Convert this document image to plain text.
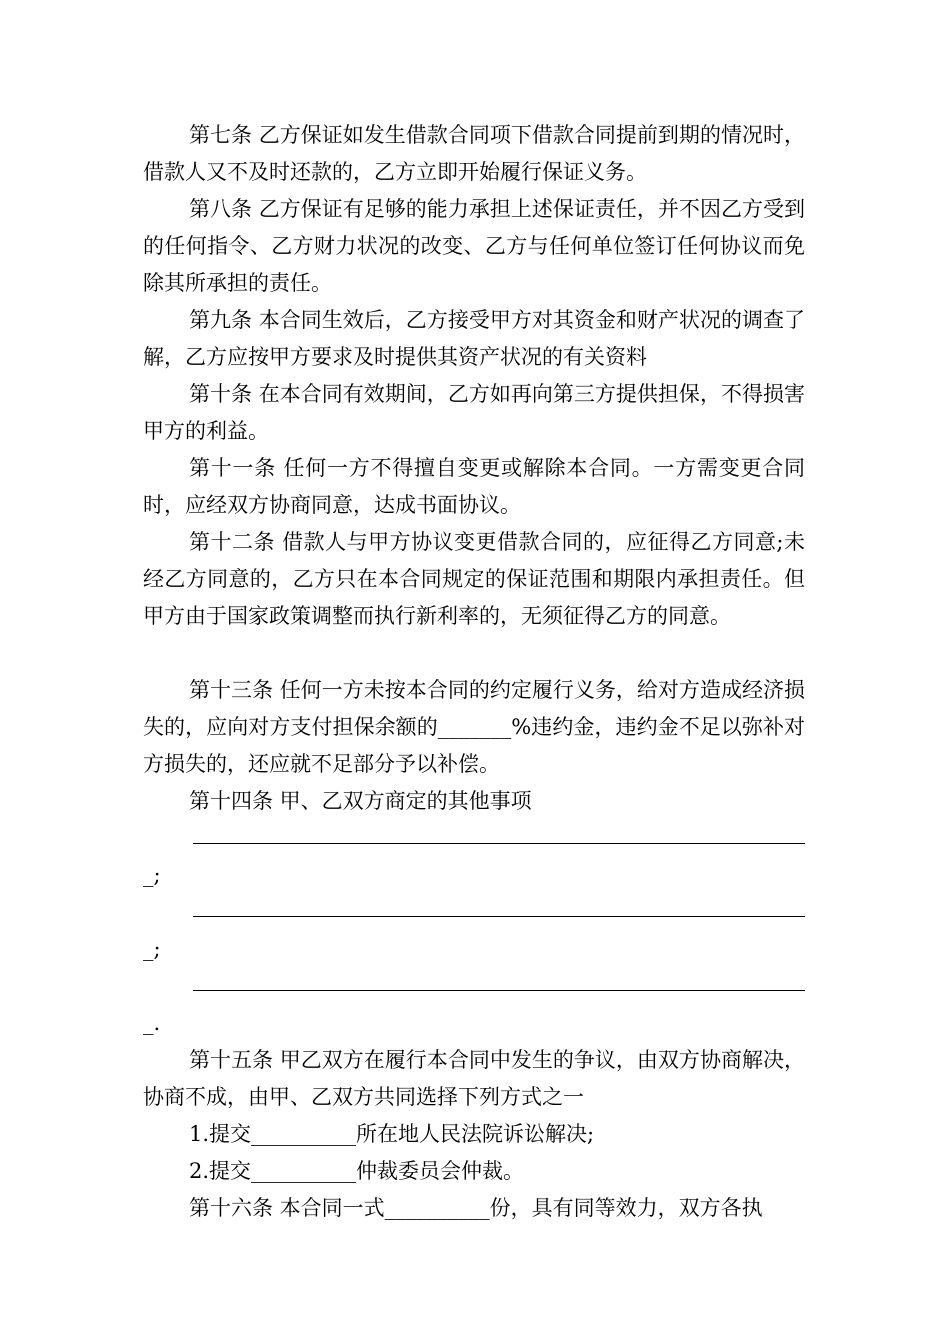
第七条 乙方保证如发生借款合同项下借款合同提前到期的情况时，借款人又不及时还款的，乙方立即开始履行保证义务。

第八条 乙方保证有足够的能力承担上述保证责任，并不因乙方受到的任何指令、乙方财力状况的改变、乙方与任何单位签订任何协议而免除其所承担的责任。

第九条 本合同生效后，乙方接受甲方对其资金和财产状况的调查了解，乙方应按甲方要求及时提供其资产状况的有关资料

第十条 在本合同有效期间，乙方如再向第三方提供担保，不得损害甲方的利益。

第十一条 任何一方不得擅自变更或解除本合同。一方需变更合同时，应经双方协商同意，达成书面协议。

第十二条 借款人与甲方协议变更借款合同的，应征得乙方同意;未经乙方同意的，乙方只在本合同规定的保证范围和期限内承担责任。但甲方由于国家政策调整而执行新利率的，无须征得乙方的同意。

第十三条 任何一方未按本合同的约定履行义务，给对方造成经济损失的，应向对方支付担保余额的_______%违约金，违约金不足以弥补对方损失的，还应就不足部分予以补偿。

第十四条 甲、乙双方商定的其他事项

_;

_;

_.

第十五条 甲乙双方在履行本合同中发生的争议，由双方协商解决，协商不成，由甲、乙双方共同选择下列方式之一

1.提交__________所在地人民法院诉讼解决;

2.提交__________仲裁委员会仲裁。

第十六条 本合同一式__________份，具有同等效力，双方各执
